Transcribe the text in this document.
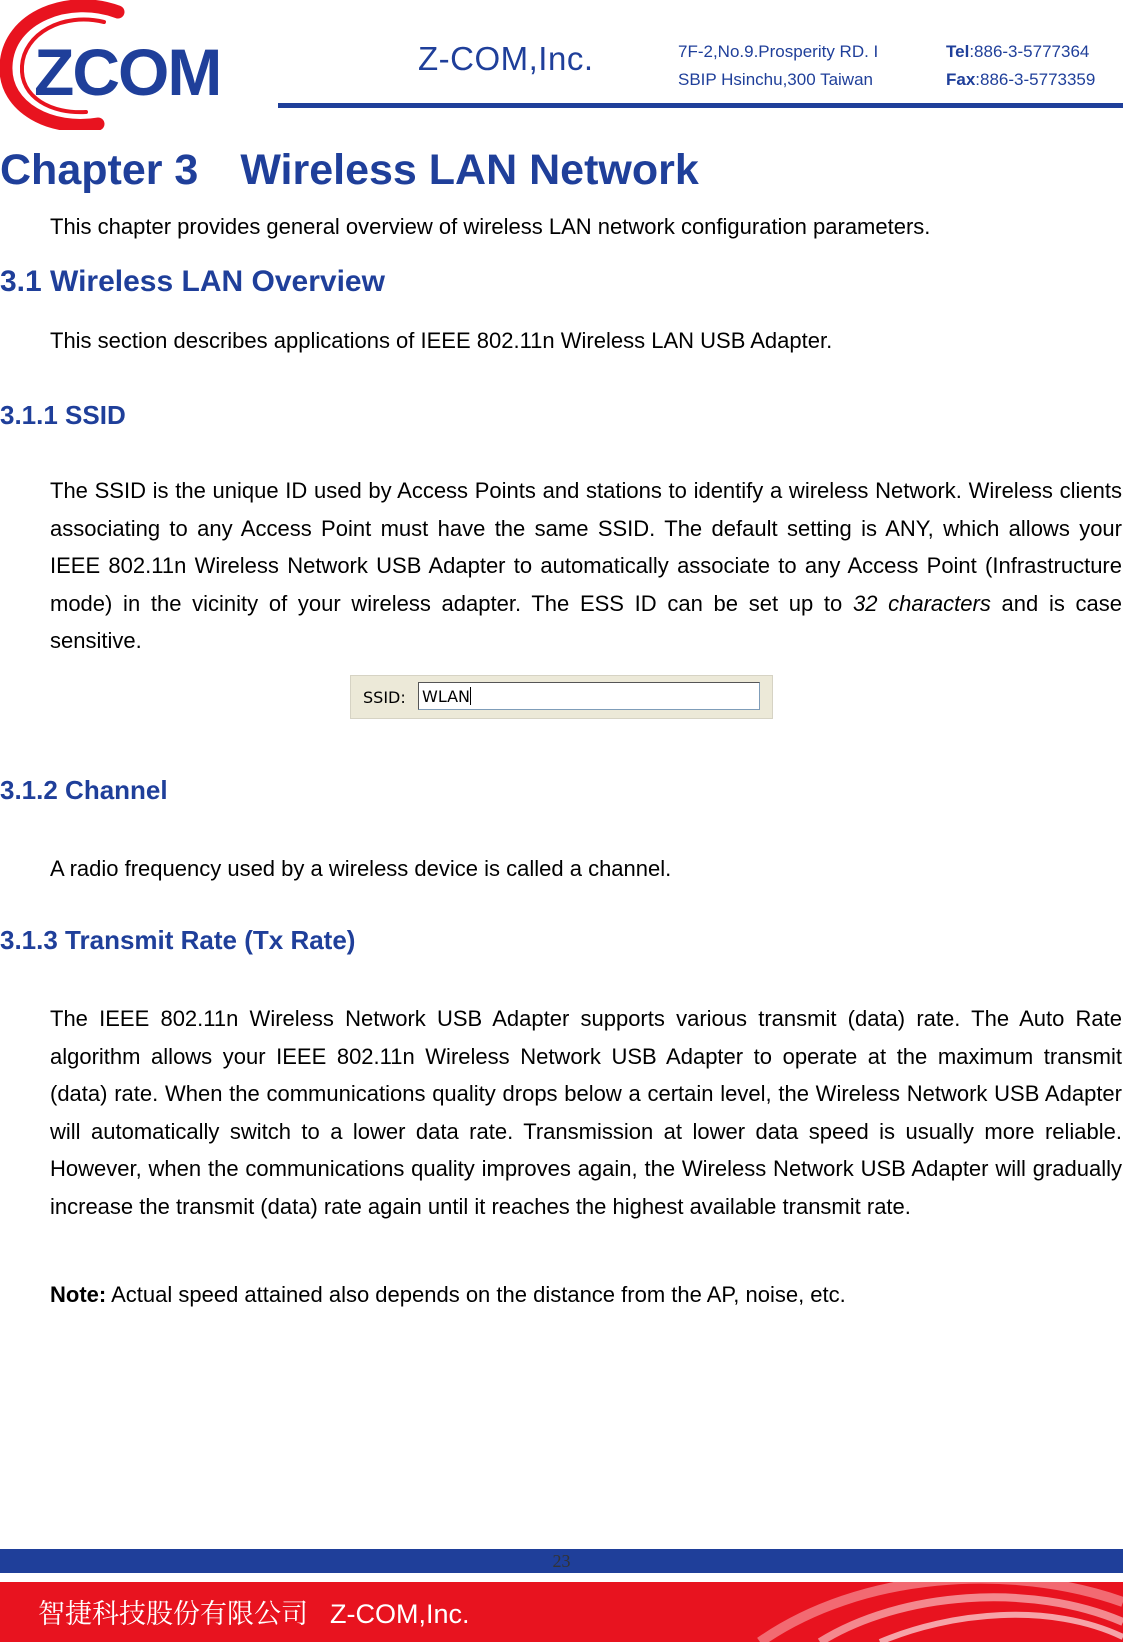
ZCOM	Z-COM,Inc.	7F-2,No.9.Prosperity RD. I
SBIP Hsinchu,300 Taiwan
Tel:886-3-5777364
Fax:886-3-5773359
Chapter 3 Wireless LAN Network
This chapter provides general overview of wireless LAN network configuration parameters.
3.1 Wireless LAN Overview
This section describes applications of IEEE 802.11n Wireless LAN USB Adapter.
3.1.1 SSID
The SSID is the unique ID used by Access Points and stations to identify a wireless Network. Wireless clients associating to any Access Point must have the same SSID. The default setting is ANY, which allows your IEEE 802.11n Wireless Network USB Adapter to automatically associate to any Access Point (Infrastructure mode) in the vicinity of your wireless adapter. The ESS ID can be set up to 32 characters and is case sensitive.
SSID: WLAN
3.1.2 Channel
A radio frequency used by a wireless device is called a channel.
3.1.3 Transmit Rate (Tx Rate)
The IEEE 802.11n Wireless Network USB Adapter supports various transmit (data) rate. The Auto Rate algorithm allows your IEEE 802.11n Wireless Network USB Adapter to operate at the maximum transmit (data) rate. When the communications quality drops below a certain level, the Wireless Network USB Adapter will automatically switch to a lower data rate. Transmission at lower data speed is usually more reliable. However, when the communications quality improves again, the Wireless Network USB Adapter will gradually increase the transmit (data) rate again until it reaches the highest available transmit rate.
Note: Actual speed attained also depends on the distance from the AP, noise, etc.
23
智捷科技股份有限公司 Z-COM,Inc.
